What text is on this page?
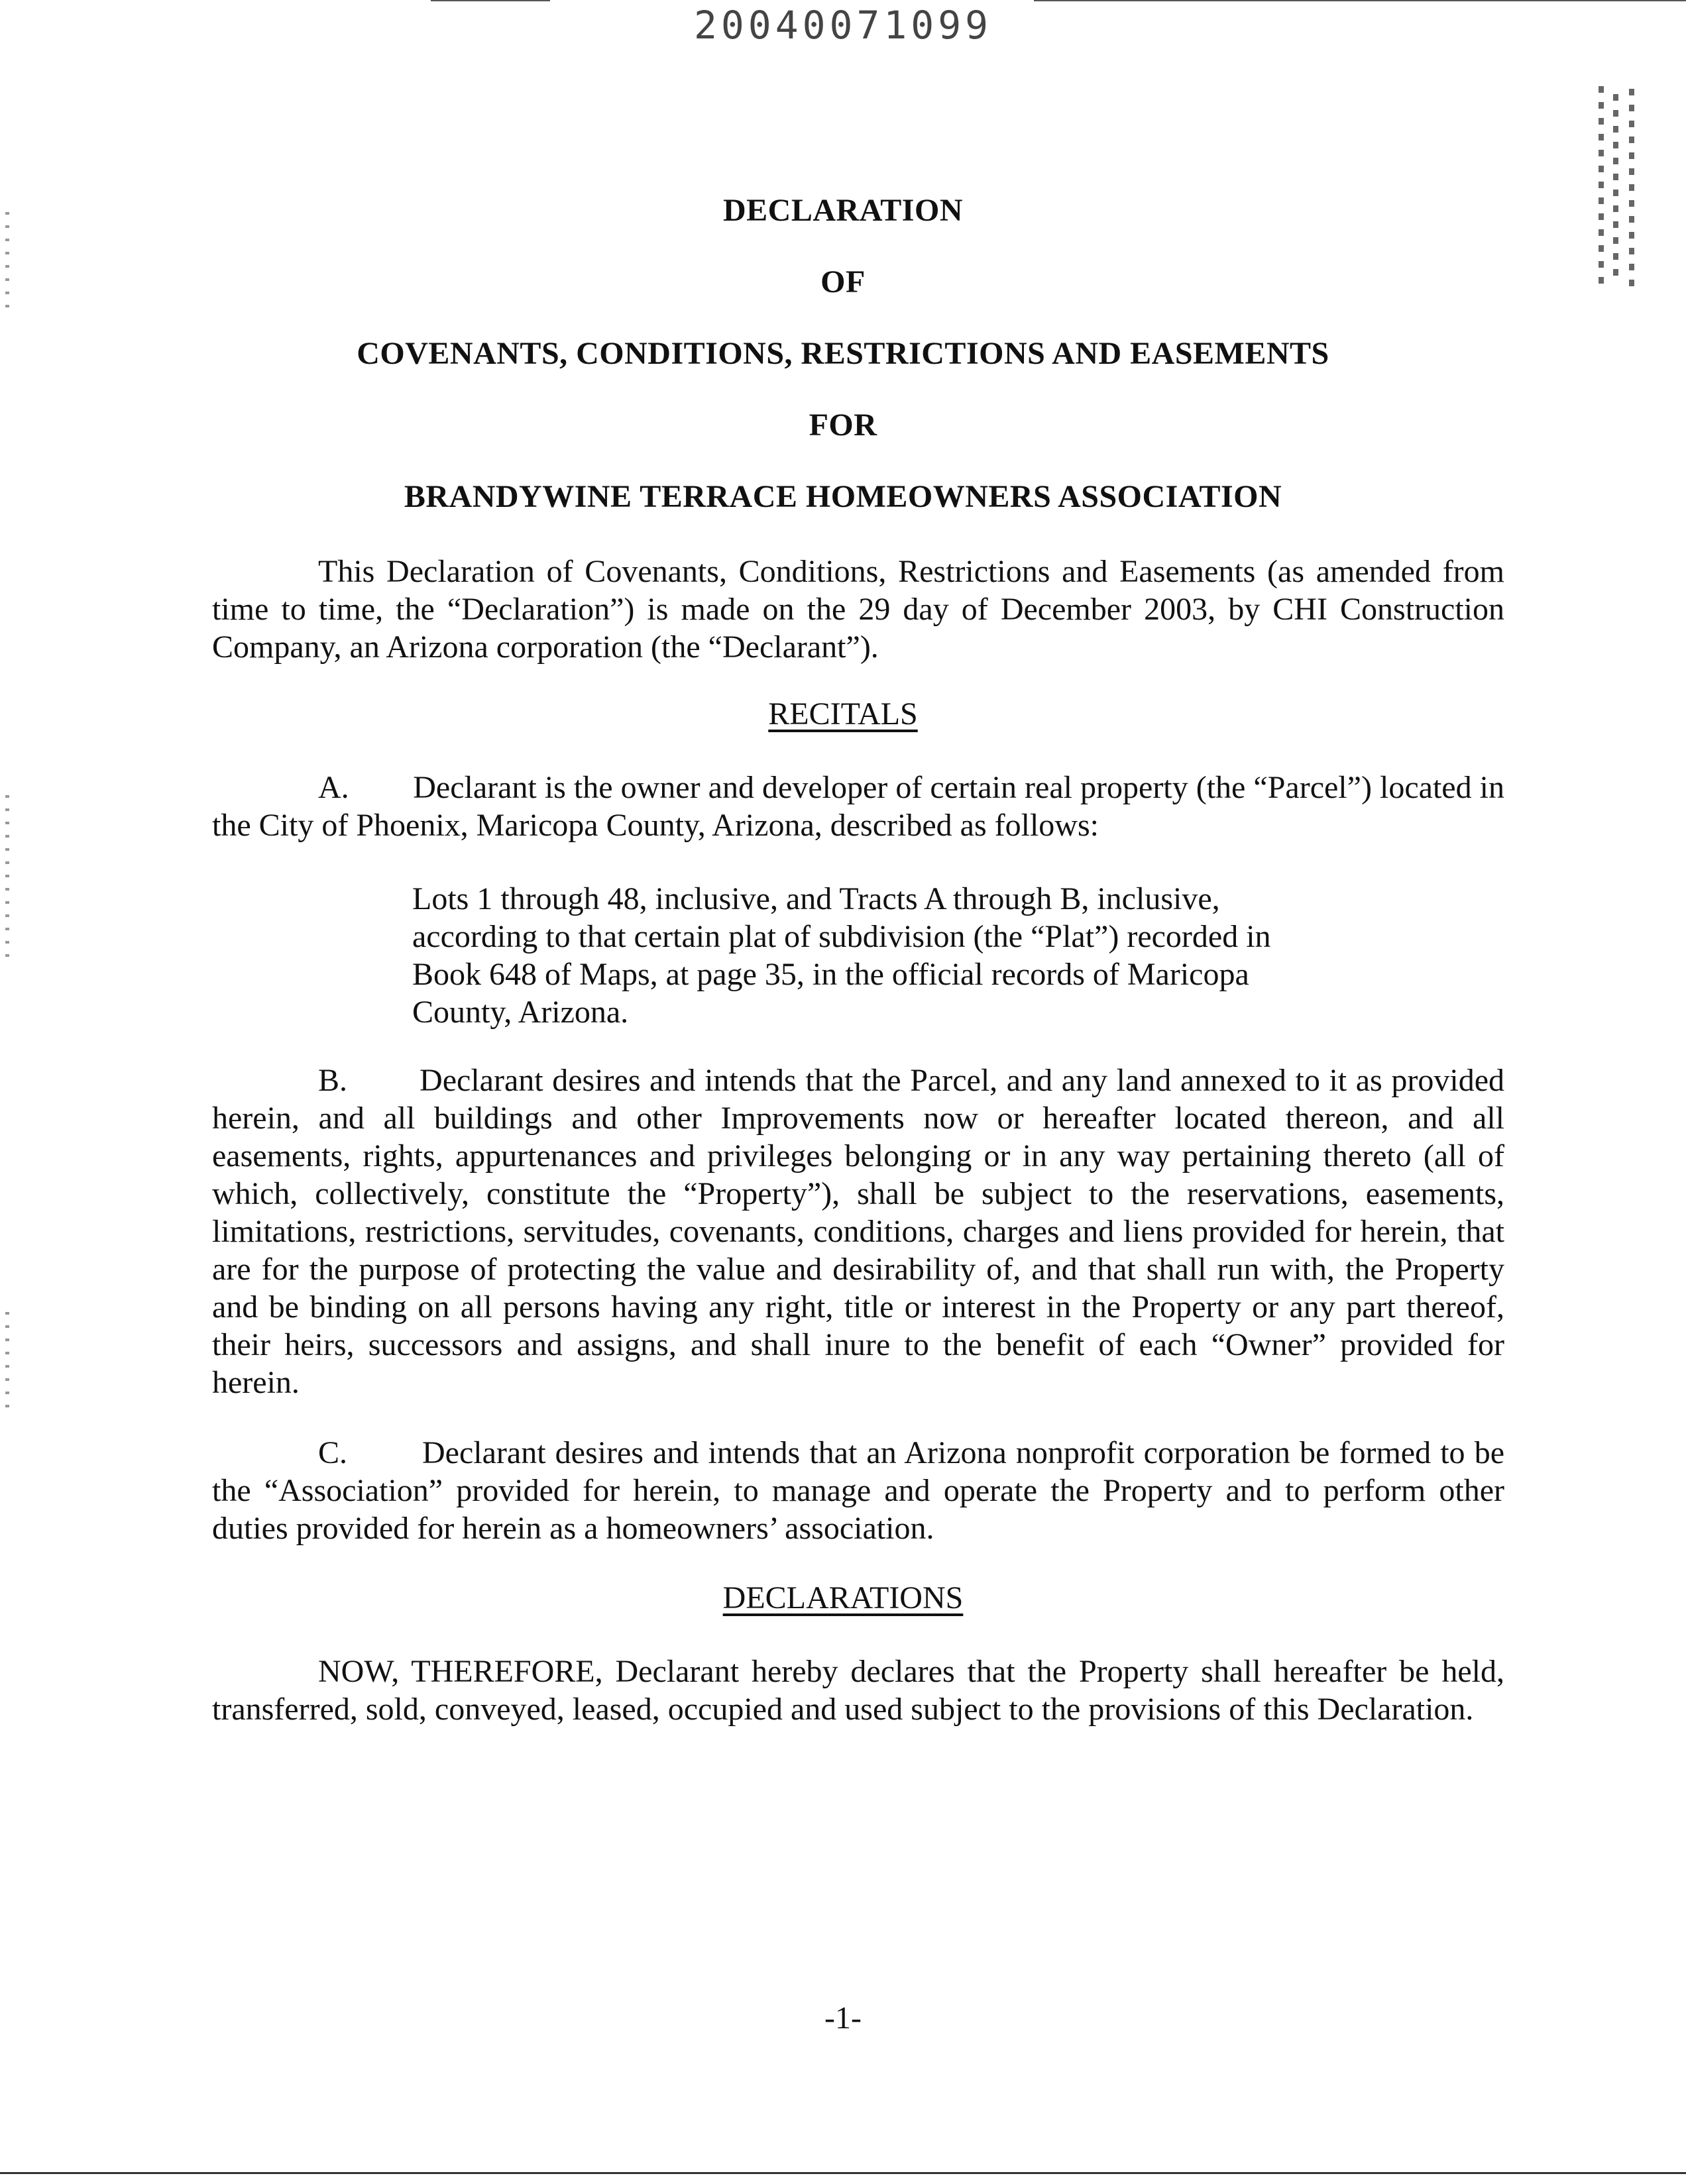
20040071099
DECLARATION
OF
COVENANTS, CONDITIONS, RESTRICTIONS AND EASEMENTS
FOR
BRANDYWINE TERRACE HOMEOWNERS ASSOCIATION
This Declaration of Covenants, Conditions, Restrictions and Easements (as amended from time to time, the “Declaration”) is made on the 29 day of December 2003, by CHI Construction Company, an Arizona corporation (the “Declarant”).
RECITALS
A.        Declarant is the owner and developer of certain real property (the “Parcel”) located in the City of Phoenix, Maricopa County, Arizona, described as follows:
Lots 1 through 48, inclusive, and Tracts A through B, inclusive,
according to that certain plat of subdivision (the “Plat”) recorded in
Book 648 of Maps, at page 35, in the official records of Maricopa
County, Arizona.
B.        Declarant desires and intends that the Parcel, and any land annexed to it as provided herein, and all buildings and other Improvements now or hereafter located thereon, and all easements, rights, appurtenances and privileges belonging or in any way pertaining thereto (all of which, collectively, constitute the “Property”), shall be subject to the reservations, easements, limitations, restrictions, servitudes, covenants, conditions, charges and liens provided for herein, that are for the purpose of protecting the value and desirability of, and that shall run with, the Property and be binding on all persons having any right, title or interest in the Property or any part thereof, their heirs, successors and assigns, and shall inure to the benefit of each “Owner” provided for herein.
C.        Declarant desires and intends that an Arizona nonprofit corporation be formed to be the “Association” provided for herein, to manage and operate the Property and to perform other duties provided for herein as a homeowners’ association.
DECLARATIONS
NOW, THEREFORE, Declarant hereby declares that the Property shall hereafter be held, transferred, sold, conveyed, leased, occupied and used subject to the provisions of this Declaration.
-1-
